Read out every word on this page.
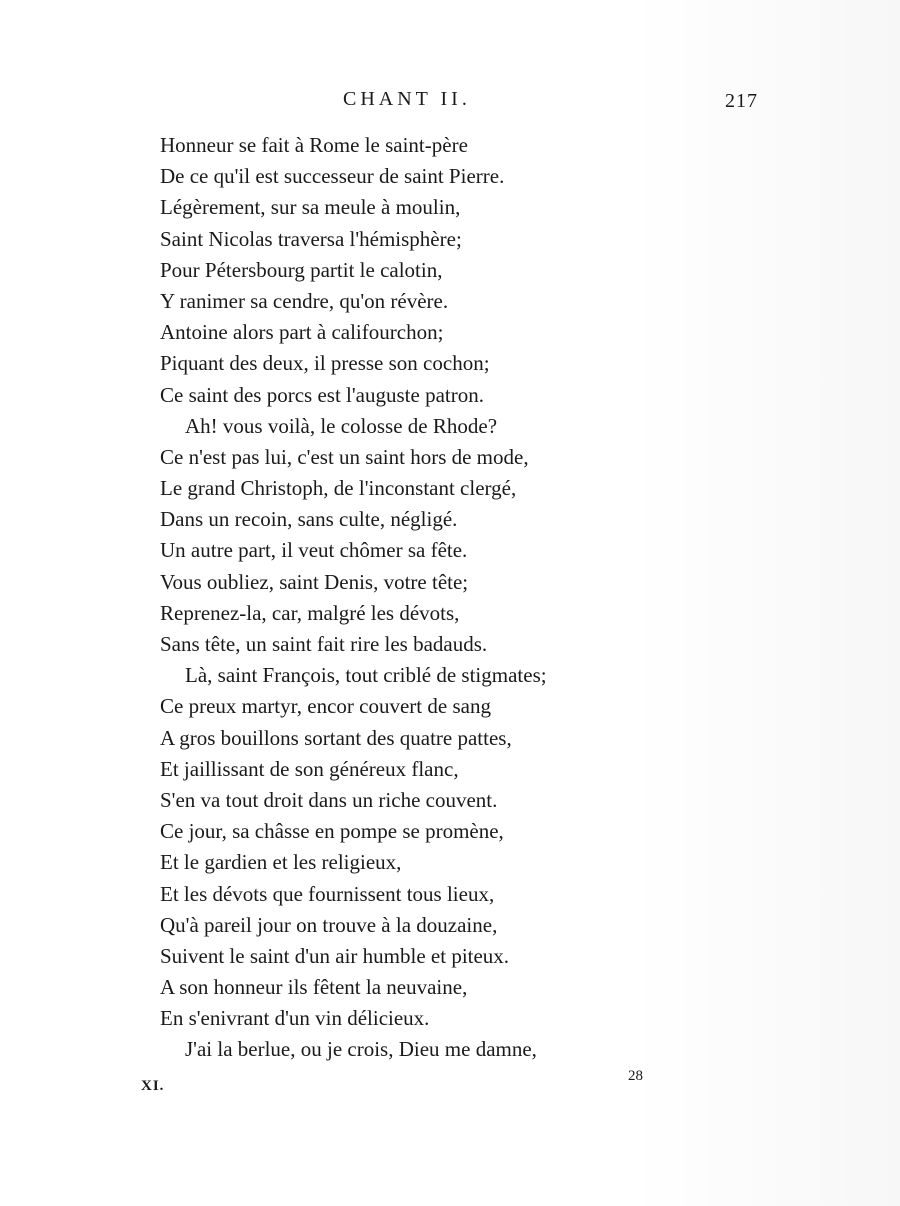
CHANT II.	217
Honneur se fait à Rome le saint-père
De ce qu'il est successeur de saint Pierre.
Légèrement, sur sa meule à moulin,
Saint Nicolas traversa l'hémisphère;
Pour Pétersbourg partit le calotin,
Y ranimer sa cendre, qu'on révère.
Antoine alors part à califourchon;
Piquant des deux, il presse son cochon;
Ce saint des porcs est l'auguste patron.
Ah! vous voilà, le colosse de Rhode?
Ce n'est pas lui, c'est un saint hors de mode,
Le grand Christoph, de l'inconstant clergé,
Dans un recoin, sans culte, négligé.
Un autre part, il veut chômer sa fête.
Vous oubliez, saint Denis, votre tête;
Reprenez-la, car, malgré les dévots,
Sans tête, un saint fait rire les badauds.
Là, saint François, tout criblé de stigmates;
Ce preux martyr, encor couvert de sang
A gros bouillons sortant des quatre pattes,
Et jaillissant de son généreux flanc,
S'en va tout droit dans un riche couvent.
Ce jour, sa châsse en pompe se promène,
Et le gardien et les religieux,
Et les dévots que fournissent tous lieux,
Qu'à pareil jour on trouve à la douzaine,
Suivent le saint d'un air humble et piteux.
A son honneur ils fêtent la neuvaine,
En s'enivrant d'un vin délicieux.
J'ai la berlue, ou je crois, Dieu me damne,
XI.
28
